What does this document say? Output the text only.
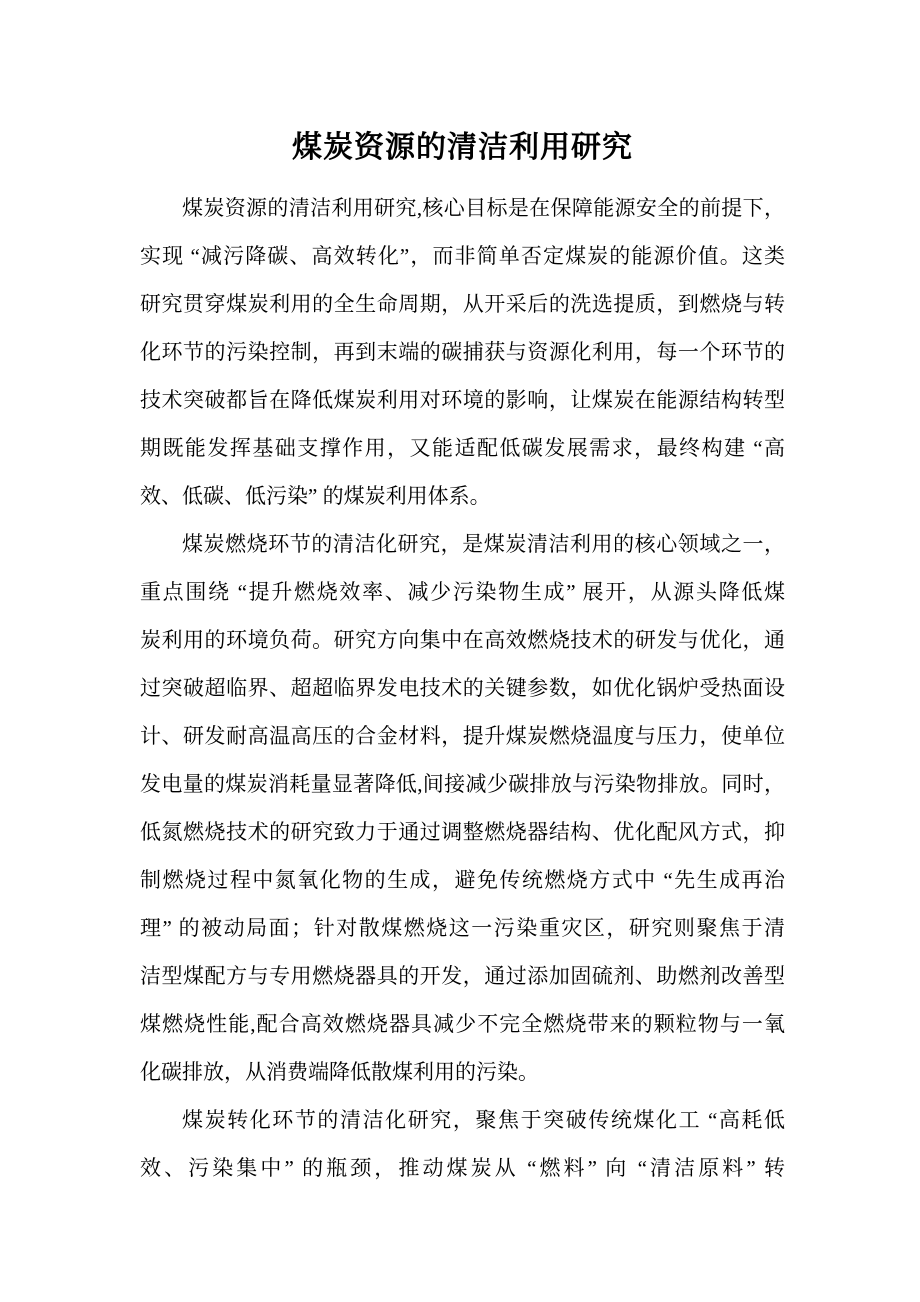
煤炭资源的清洁利用研究
煤炭资源的清洁利用研究,核心目标是在保障能源安全的前提下，
实现 “减污降碳、高效转化”，而非简单否定煤炭的能源价值。这类
研究贯穿煤炭利用的全生命周期，从开采后的洗选提质，到燃烧与转
化环节的污染控制，再到末端的碳捕获与资源化利用，每一个环节的
技术突破都旨在降低煤炭利用对环境的影响，让煤炭在能源结构转型
期既能发挥基础支撑作用，又能适配低碳发展需求，最终构建 “高
效、低碳、低污染” 的煤炭利用体系。
煤炭燃烧环节的清洁化研究，是煤炭清洁利用的核心领域之一，
重点围绕 “提升燃烧效率、减少污染物生成” 展开，从源头降低煤
炭利用的环境负荷。研究方向集中在高效燃烧技术的研发与优化，通
过突破超临界、超超临界发电技术的关键参数，如优化锅炉受热面设
计、研发耐高温高压的合金材料，提升煤炭燃烧温度与压力，使单位
发电量的煤炭消耗量显著降低,间接减少碳排放与污染物排放。同时，
低氮燃烧技术的研究致力于通过调整燃烧器结构、优化配风方式，抑
制燃烧过程中氮氧化物的生成，避免传统燃烧方式中 “先生成再治
理” 的被动局面；针对散煤燃烧这一污染重灾区，研究则聚焦于清
洁型煤配方与专用燃烧器具的开发，通过添加固硫剂、助燃剂改善型
煤燃烧性能,配合高效燃烧器具减少不完全燃烧带来的颗粒物与一氧
化碳排放，从消费端降低散煤利用的污染。
煤炭转化环节的清洁化研究，聚焦于突破传统煤化工 “高耗低
效、污染集中” 的瓶颈，推动煤炭从 “燃料” 向 “清洁原料” 转
